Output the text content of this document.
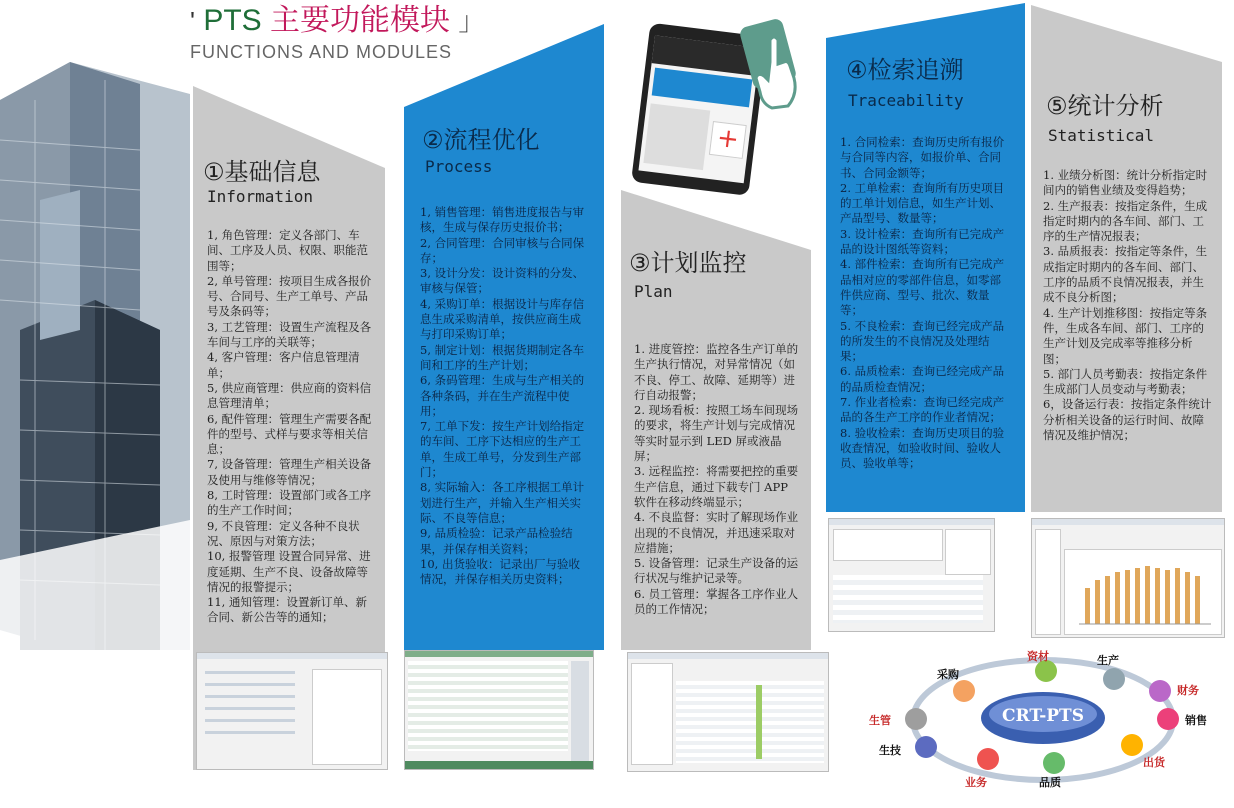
' PTS 主要功能模块 」
FUNCTIONS AND MODULES
①基础信息
Information

1, 角色管理：定义各部门、车间、工序及人员、权限、职能范围等；

2, 单号管理：按项目生成各报价号、合同号、生产工单号、产品号及条码等；

3, 工艺管理：设置生产流程及各车间与工序的关联等；

4, 客户管理：客户信息管理清单；

5, 供应商管理：供应商的资料信息管理清单；

6, 配件管理：管理生产需要各配件的型号、式样与要求等相关信息；

7, 设备管理：管理生产相关设备及使用与维修等情况；

8, 工时管理：设置部门或各工序的生产工作时间；

9, 不良管理：定义各种不良状况、原因与对策方法；

10, 报警管理 设置合同异常、进度延期、生产不良、设备故障等情况的报警提示；

11, 通知管理：设置新订单、新合同、新公告等的通知；

②流程优化
Process

1, 销售管理：销售进度报告与审核，生成与保存历史报价书；

2, 合同管理：合同审核与合同保存；

3, 设计分发：设计资料的分发、审核与保管；

4, 采购订单：根据设计与库存信息生成采购清单，按供应商生成与打印采购订单；

5, 制定计划：根据货期制定各车间和工序的生产计划；

6, 条码管理：生成与生产相关的各种条码，并在生产流程中使用；

7, 工单下发：按生产计划给指定的车间、工序下达相应的生产工单，生成工单号，分发到生产部门；

8, 实际输入：各工序根据工单计划进行生产，并输入生产相关实际、不良等信息；

9, 品质检验：记录产品检验结果，并保存相关资料；

10, 出货验收：记录出厂与验收情况，并保存相关历史资料；

③计划监控
Plan

1. 进度管控：监控各生产订单的生产执行情况，对异常情况（如不良、停工、故障、延期等）进行自动报警；

2. 现场看板：按照工场车间现场的要求，将生产计划与完成情况等实时显示到 LED 屏或液晶屏；

3. 远程监控：将需要把控的重要生产信息，通过下载专门 APP 软件在移动终端显示；

4. 不良监督：实时了解现场作业出现的不良情况，并迅速采取对应措施；

5. 设备管理：记录生产设备的运行状况与维护记录等。

6. 员工管理：掌握各工序作业人员的工作情况；

④检索追溯
Traceability

1. 合同检索：查询历史所有报价与合同等内容，如报价单、合同书、合同金额等；

2. 工单检索：查询所有历史项目的工单计划信息，如生产计划、产品型号、数量等；

3. 设计检索：查询所有已完成产品的设计图纸等资料；

4. 部件检索：查询所有已完成产品相对应的零部件信息，如零部件供应商、型号、批次、数量等；

5. 不良检索：查询已经完成产品的所发生的不良情况及处理结果；

6. 品质检索：查询已经完成产品的品质检查情况；

7. 作业者检索：查询已经完成产品的各生产工序的作业者情况；

8. 验收检索：查询历史项目的验收查情况，如验收时间、验收人员、验收单等；

⑤统计分析
Statistical

1. 业绩分析图：统计分析指定时间内的销售业绩及变得趋势；

2. 生产报表：按指定条件，生成指定时期内的各车间、部门、工序的生产情况报表；

3. 品质报表：按指定等条件，生成指定时期内的各车间、部门、工序的品质不良情况报表，并生成不良分析图；

4. 生产计划推移图：按指定等条件，生成各车间、部门、工序的生产计划及完成率等推移分析图；

5. 部门人员考勤表：按指定条件生成部门人员变动与考勤表；

6，设备运行表：按指定条件统计分析相关设备的运行时间、故障情况及维护情况；

+
CRT-PTS
采购
资材	生产
财务
销售
出货
品质
业务
生技
生管
